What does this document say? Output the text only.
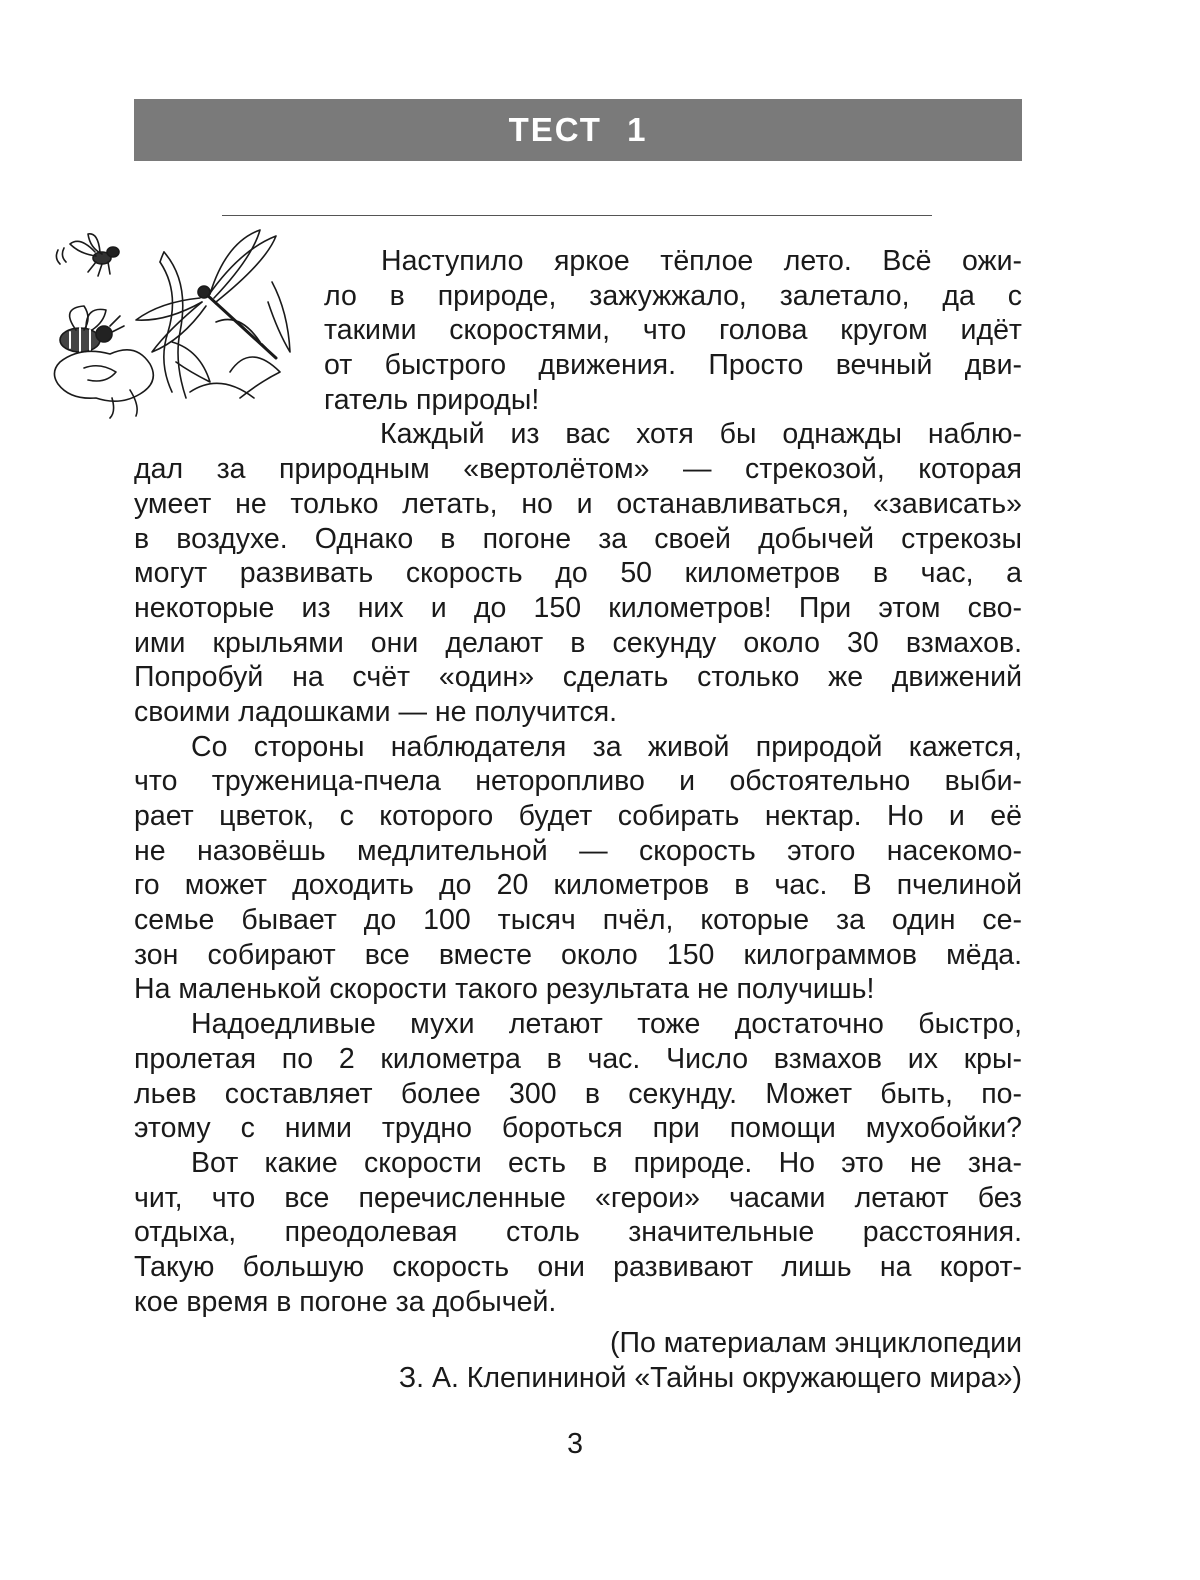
ТЕСТ 1
Наступило яркое тёплое лето. Всё ожи-
ло в природе, зажужжало, залетало, да с
такими скоростями, что голова кругом идёт
от быстрого движения. Просто вечный дви-
гатель природы!
Каждый из вас хотя бы однажды наблю-
дал за природным «вертолётом» — стрекозой, которая
умеет не только летать, но и останавливаться, «зависать»
в воздухе. Однако в погоне за своей добычей стрекозы
могут развивать скорость до 50 километров в час, а
некоторые из них и до 150 километров! При этом сво-
ими крыльями они делают в секунду около 30 взмахов.
Попробуй на счёт «один» сделать столько же движений
своими ладошками — не получится.
Со стороны наблюдателя за живой природой кажется,
что труженица-пчела неторопливо и обстоятельно выби-
рает цветок, с которого будет собирать нектар. Но и её
не назовёшь медлительной — скорость этого насекомо-
го может доходить до 20 километров в час. В пчелиной
семье бывает до 100 тысяч пчёл, которые за один се-
зон собирают все вместе около 150 килограммов мёда.
На маленькой скорости такого результата не получишь!
Надоедливые мухи летают тоже достаточно быстро,
пролетая по 2 километра в час. Число взмахов их кры-
льев составляет более 300 в секунду. Может быть, по-
этому с ними трудно бороться при помощи мухобойки?
Вот какие скорости есть в природе. Но это не зна-
чит, что все перечисленные «герои» часами летают без
отдыха, преодолевая столь значительные расстояния.
Такую большую скорость они развивают лишь на корот-
кое время в погоне за добычей.
(По материалам энциклопедии
З. А. Клепининой «Тайны окружающего мира»)
3
